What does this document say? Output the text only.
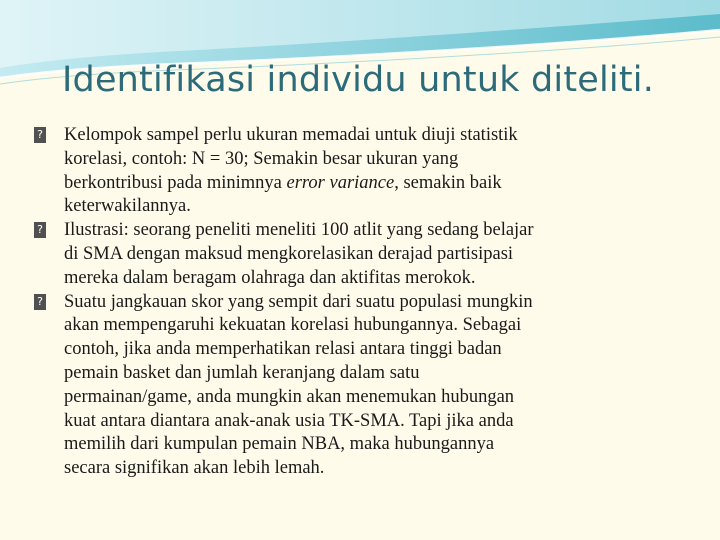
Identifikasi individu untuk diteliti.
? Kelompok sampel perlu ukuran memadai untuk diuji statistik
korelasi, contoh: N = 30; Semakin besar ukuran yang
berkontribusi pada minimnya error variance, semakin baik
keterwakilannya.
? Ilustrasi: seorang peneliti meneliti 100 atlit yang sedang belajar
di SMA dengan maksud mengkorelasikan derajad partisipasi
mereka dalam beragam olahraga dan aktifitas merokok.
? Suatu jangkauan skor yang sempit dari suatu populasi mungkin
akan mempengaruhi kekuatan korelasi hubungannya. Sebagai
contoh, jika anda memperhatikan relasi antara tinggi badan
pemain basket dan jumlah keranjang dalam satu
permainan/game, anda mungkin akan menemukan hubungan
kuat antara diantara anak-anak usia TK-SMA. Tapi jika anda
memilih dari kumpulan pemain NBA, maka hubungannya
secara signifikan akan lebih lemah.
